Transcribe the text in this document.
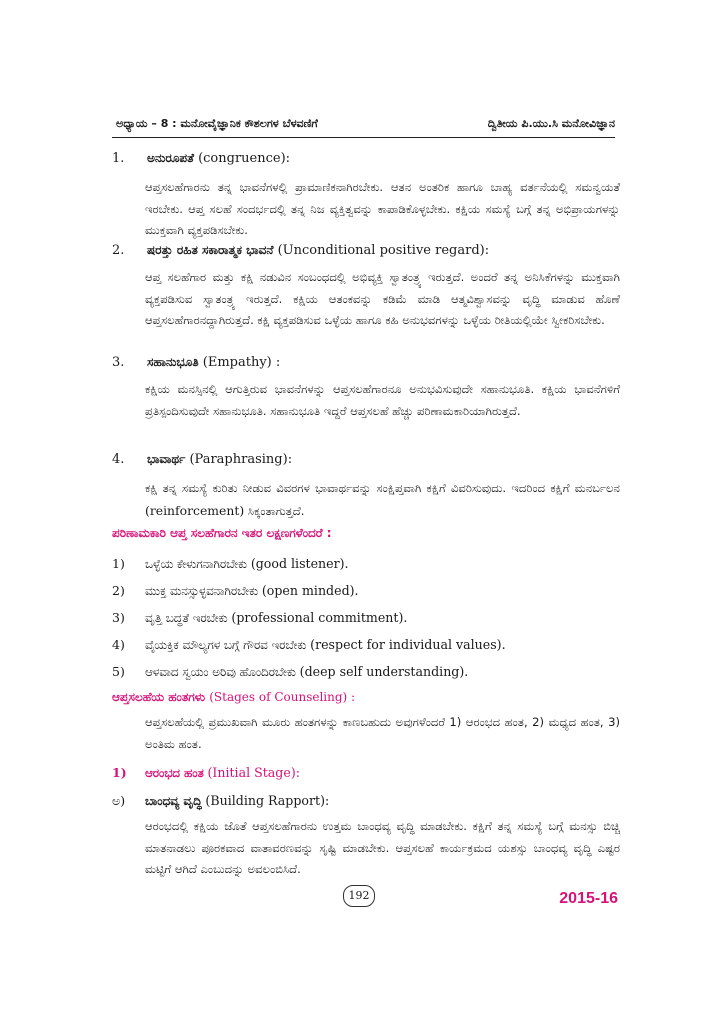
ಅಧ್ಯಾಯ – 8 : ಮನೋವೈಜ್ಞಾನಿಕ ಕೌಶಲಗಳ ಬೆಳವಣಿಗೆ	ದ್ವಿತೀಯ ಪಿ.ಯು.ಸಿ ಮನೋವಿಜ್ಞಾನ
1. ಅನುರೂಪತೆ (congruence):
ಆಪ್ತಸಲಹೆಗಾರನು ತನ್ನ ಭಾವನೆಗಳಲ್ಲಿ ಪ್ರಾಮಾಣಿಕನಾಗಿರಬೇಕು. ಆತನ ಅಂತರಿಕ ಹಾಗೂ ಬಾಹ್ಯ ವರ್ತನೆಯಲ್ಲಿ ಸಮನ್ವಯತೆ ಇರಬೇಕು. ಆಪ್ತ ಸಲಹೆ ಸಂದರ್ಭದಲ್ಲಿ ತನ್ನ ನಿಜ ವ್ಯಕ್ತಿತ್ವವನ್ನು ಕಾಪಾಡಿಕೊಳ್ಳಬೇಕು. ಕಕ್ಷಿಯ ಸಮಸ್ಯೆ ಬಗ್ಗೆ ತನ್ನ ಅಭಿಪ್ರಾಯಗಳನ್ನು ಮುಕ್ತವಾಗಿ ವ್ಯಕ್ತಪಡಿಸಬೇಕು.
2. ಷರತ್ತು ರಹಿತ ಸಕಾರಾತ್ಮಕ ಭಾವನೆ (Unconditional positive regard):
ಆಪ್ತ ಸಲಹೆಗಾರ ಮತ್ತು ಕಕ್ಷಿ ನಡುವಿನ ಸಂಬಂಧದಲ್ಲಿ ಅಭಿವ್ಯಕ್ತಿ ಸ್ವಾತಂತ್ರ್ಯ ಇರುತ್ತದೆ. ಅಂದರೆ ತನ್ನ ಅನಿಸಿಕೆಗಳನ್ನು ಮುಕ್ತವಾಗಿ ವ್ಯಕ್ತಪಡಿಸುವ ಸ್ವಾತಂತ್ರ್ಯ ಇರುತ್ತದೆ. ಕಕ್ಷಿಯ ಆತಂಕವನ್ನು ಕಡಿಮೆ ಮಾಡಿ ಆತ್ಮವಿಶ್ವಾಸವನ್ನು ವೃದ್ಧಿ ಮಾಡುವ ಹೊಣೆ ಆಪ್ತಸಲಹೆಗಾರನದ್ದಾಗಿರುತ್ತದೆ. ಕಕ್ಷಿ ವ್ಯಕ್ತಪಡಿಸುವ ಒಳ್ಳೆಯ ಹಾಗೂ ಕಹಿ ಅನುಭವಗಳನ್ನು ಒಳ್ಳೆಯ ರೀತಿಯಲ್ಲಿಯೇ ಸ್ವೀಕರಿಸಬೇಕು.
3. ಸಹಾನುಭೂತಿ (Empathy) :
ಕಕ್ಷಿಯ ಮನಸ್ಸಿನಲ್ಲಿ ಆಗುತ್ತಿರುವ ಭಾವನೆಗಳನ್ನು ಆಪ್ತಸಲಹೆಗಾರನೂ ಅನುಭವಿಸುವುದೇ ಸಹಾನುಭೂತಿ. ಕಕ್ಷಿಯ ಭಾವನೆಗಳಿಗೆ ಪ್ರತಿಸ್ಪಂದಿಸುವುದೇ ಸಹಾನುಭೂತಿ. ಸಹಾನುಭೂತಿ ಇದ್ದರೆ ಆಪ್ತಸಲಹೆ ಹೆಚ್ಚು ಪರಿಣಾಮಕಾರಿಯಾಗಿರುತ್ತದೆ.
4. ಭಾವಾರ್ಥ (Paraphrasing):
ಕಕ್ಷಿ ತನ್ನ ಸಮಸ್ಯೆ ಕುರಿತು ನೀಡುವ ವಿವರಗಳ ಭಾವಾರ್ಥವನ್ನು ಸಂಕ್ಷಿಪ್ತವಾಗಿ ಕಕ್ಷಿಗೆ ವಿವರಿಸುವುದು. ಇದರಿಂದ ಕಕ್ಷಿಗೆ ಮನರ್ಬಲನ (reinforcement) ಸಿಕ್ಕಂತಾಗುತ್ತದೆ.
ಪರಿಣಾಮಕಾರಿ ಆಪ್ತ ಸಲಹೆಗಾರನ ಇತರ ಲಕ್ಷಣಗಳೆಂದರೆ :
1) ಒಳ್ಳೆಯ ಕೇಳುಗನಾಗಿರಬೇಕು (good listener).
2) ಮುಕ್ತ ಮನಸ್ಸುಳ್ಳವನಾಗಿರಬೇಕು (open minded).
3) ವೃತ್ತಿ ಬದ್ಧತೆ ಇರಬೇಕು (professional commitment).
4) ವೈಯಕ್ತಿಕ ಮೌಲ್ಯಗಳ ಬಗ್ಗೆ ಗೌರವ ಇರಬೇಕು (respect for individual values).
5) ಆಳವಾದ ಸ್ವಯಂ ಅರಿವು ಹೊಂದಿರಬೇಕು (deep self understanding).
ಆಪ್ತಸಲಹೆಯ ಹಂತಗಳು (Stages of Counseling) :
ಆಪ್ತಸಲಹೆಯಲ್ಲಿ ಪ್ರಮುಖವಾಗಿ ಮೂರು ಹಂತಗಳನ್ನು ಕಾಣಬಹುದು ಅವುಗಳೆಂದರೆ 1) ಆರಂಭದ ಹಂತ, 2) ಮಧ್ಯದ ಹಂತ, 3) ಅಂತಿಮ ಹಂತ.
1) ಆರಂಭದ ಹಂತ (Initial Stage):
ಅ) ಬಾಂಧವ್ಯ ವೃದ್ಧಿ (Building Rapport):
ಆರಂಭದಲ್ಲಿ ಕಕ್ಷಿಯ ಜೊತೆ ಆಪ್ತಸಲಹೆಗಾರನು ಉತ್ತಮ ಬಾಂಧವ್ಯ ವೃದ್ಧಿ ಮಾಡಬೇಕು. ಕಕ್ಷಿಗೆ ತನ್ನ ಸಮಸ್ಯೆ ಬಗ್ಗೆ ಮನಸ್ಸು ಬಿಚ್ಚಿ ಮಾತನಾಡಲು ಪೂರಕವಾದ ವಾತಾವರಣವನ್ನು ಸೃಷ್ಟಿ ಮಾಡಬೇಕು. ಆಪ್ತಸಲಹೆ ಕಾರ್ಯಕ್ರಮದ ಯಶಸ್ಸು ಬಾಂಧವ್ಯ ವೃದ್ಧಿ ಎಷ್ಟರ ಮಟ್ಟಿಗೆ ಆಗಿದೆ ಎಂಬುದನ್ನು ಅವಲಂಬಿಸಿದೆ.
192	2015-16
